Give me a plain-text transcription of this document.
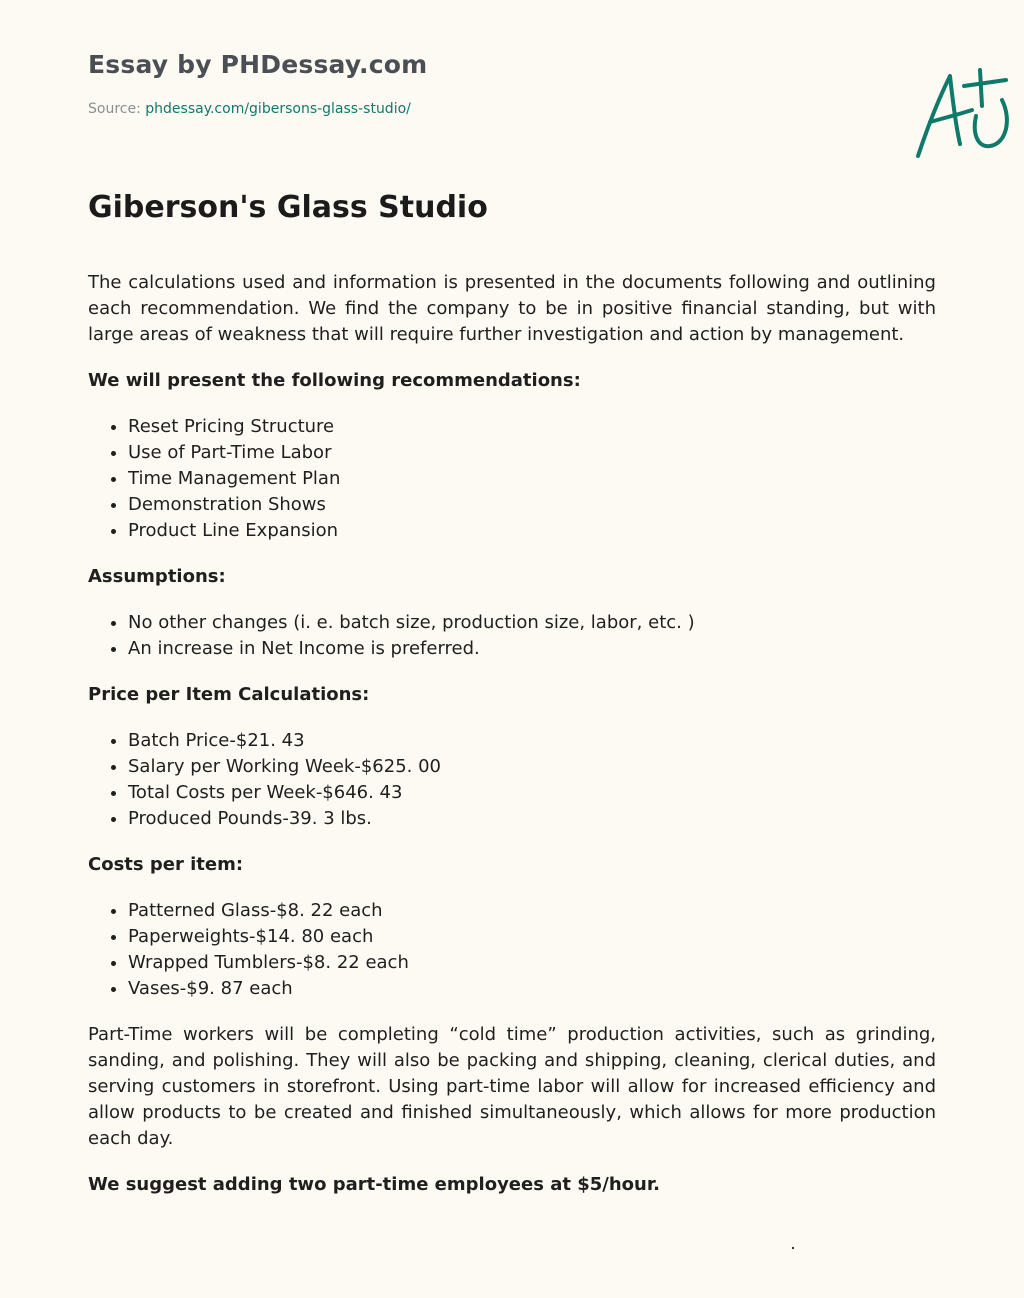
Essay by PHDessay.com
Source: phdessay.com/gibersons-glass-studio/
Giberson's Glass Studio

The calculations used and information is presented in the documents following and outlining each recommendation. We find the company to be in positive financial standing, but with large areas of weakness that will require further investigation and action by management.

We will present the following recommendations:

• Reset Pricing Structure
• Use of Part-Time Labor
• Time Management Plan
• Demonstration Shows
• Product Line Expansion

Assumptions:

• No other changes (i. e. batch size, production size, labor, etc. )
• An increase in Net Income is preferred.

Price per Item Calculations:

• Batch Price-$21. 43
• Salary per Working Week-$625. 00
• Total Costs per Week-$646. 43
• Produced Pounds-39. 3 lbs.

Costs per item:

• Patterned Glass-$8. 22 each
• Paperweights-$14. 80 each
• Wrapped Tumblers-$8. 22 each
• Vases-$9. 87 each

Part-Time workers will be completing “cold time” production activities, such as grinding, sanding, and polishing. They will also be packing and shipping, cleaning, clerical duties, and serving customers in storefront. Using part-time labor will allow for increased efficiency and allow products to be created and finished simultaneously, which allows for more production each day.

We suggest adding two part-time employees at $5/hour.
